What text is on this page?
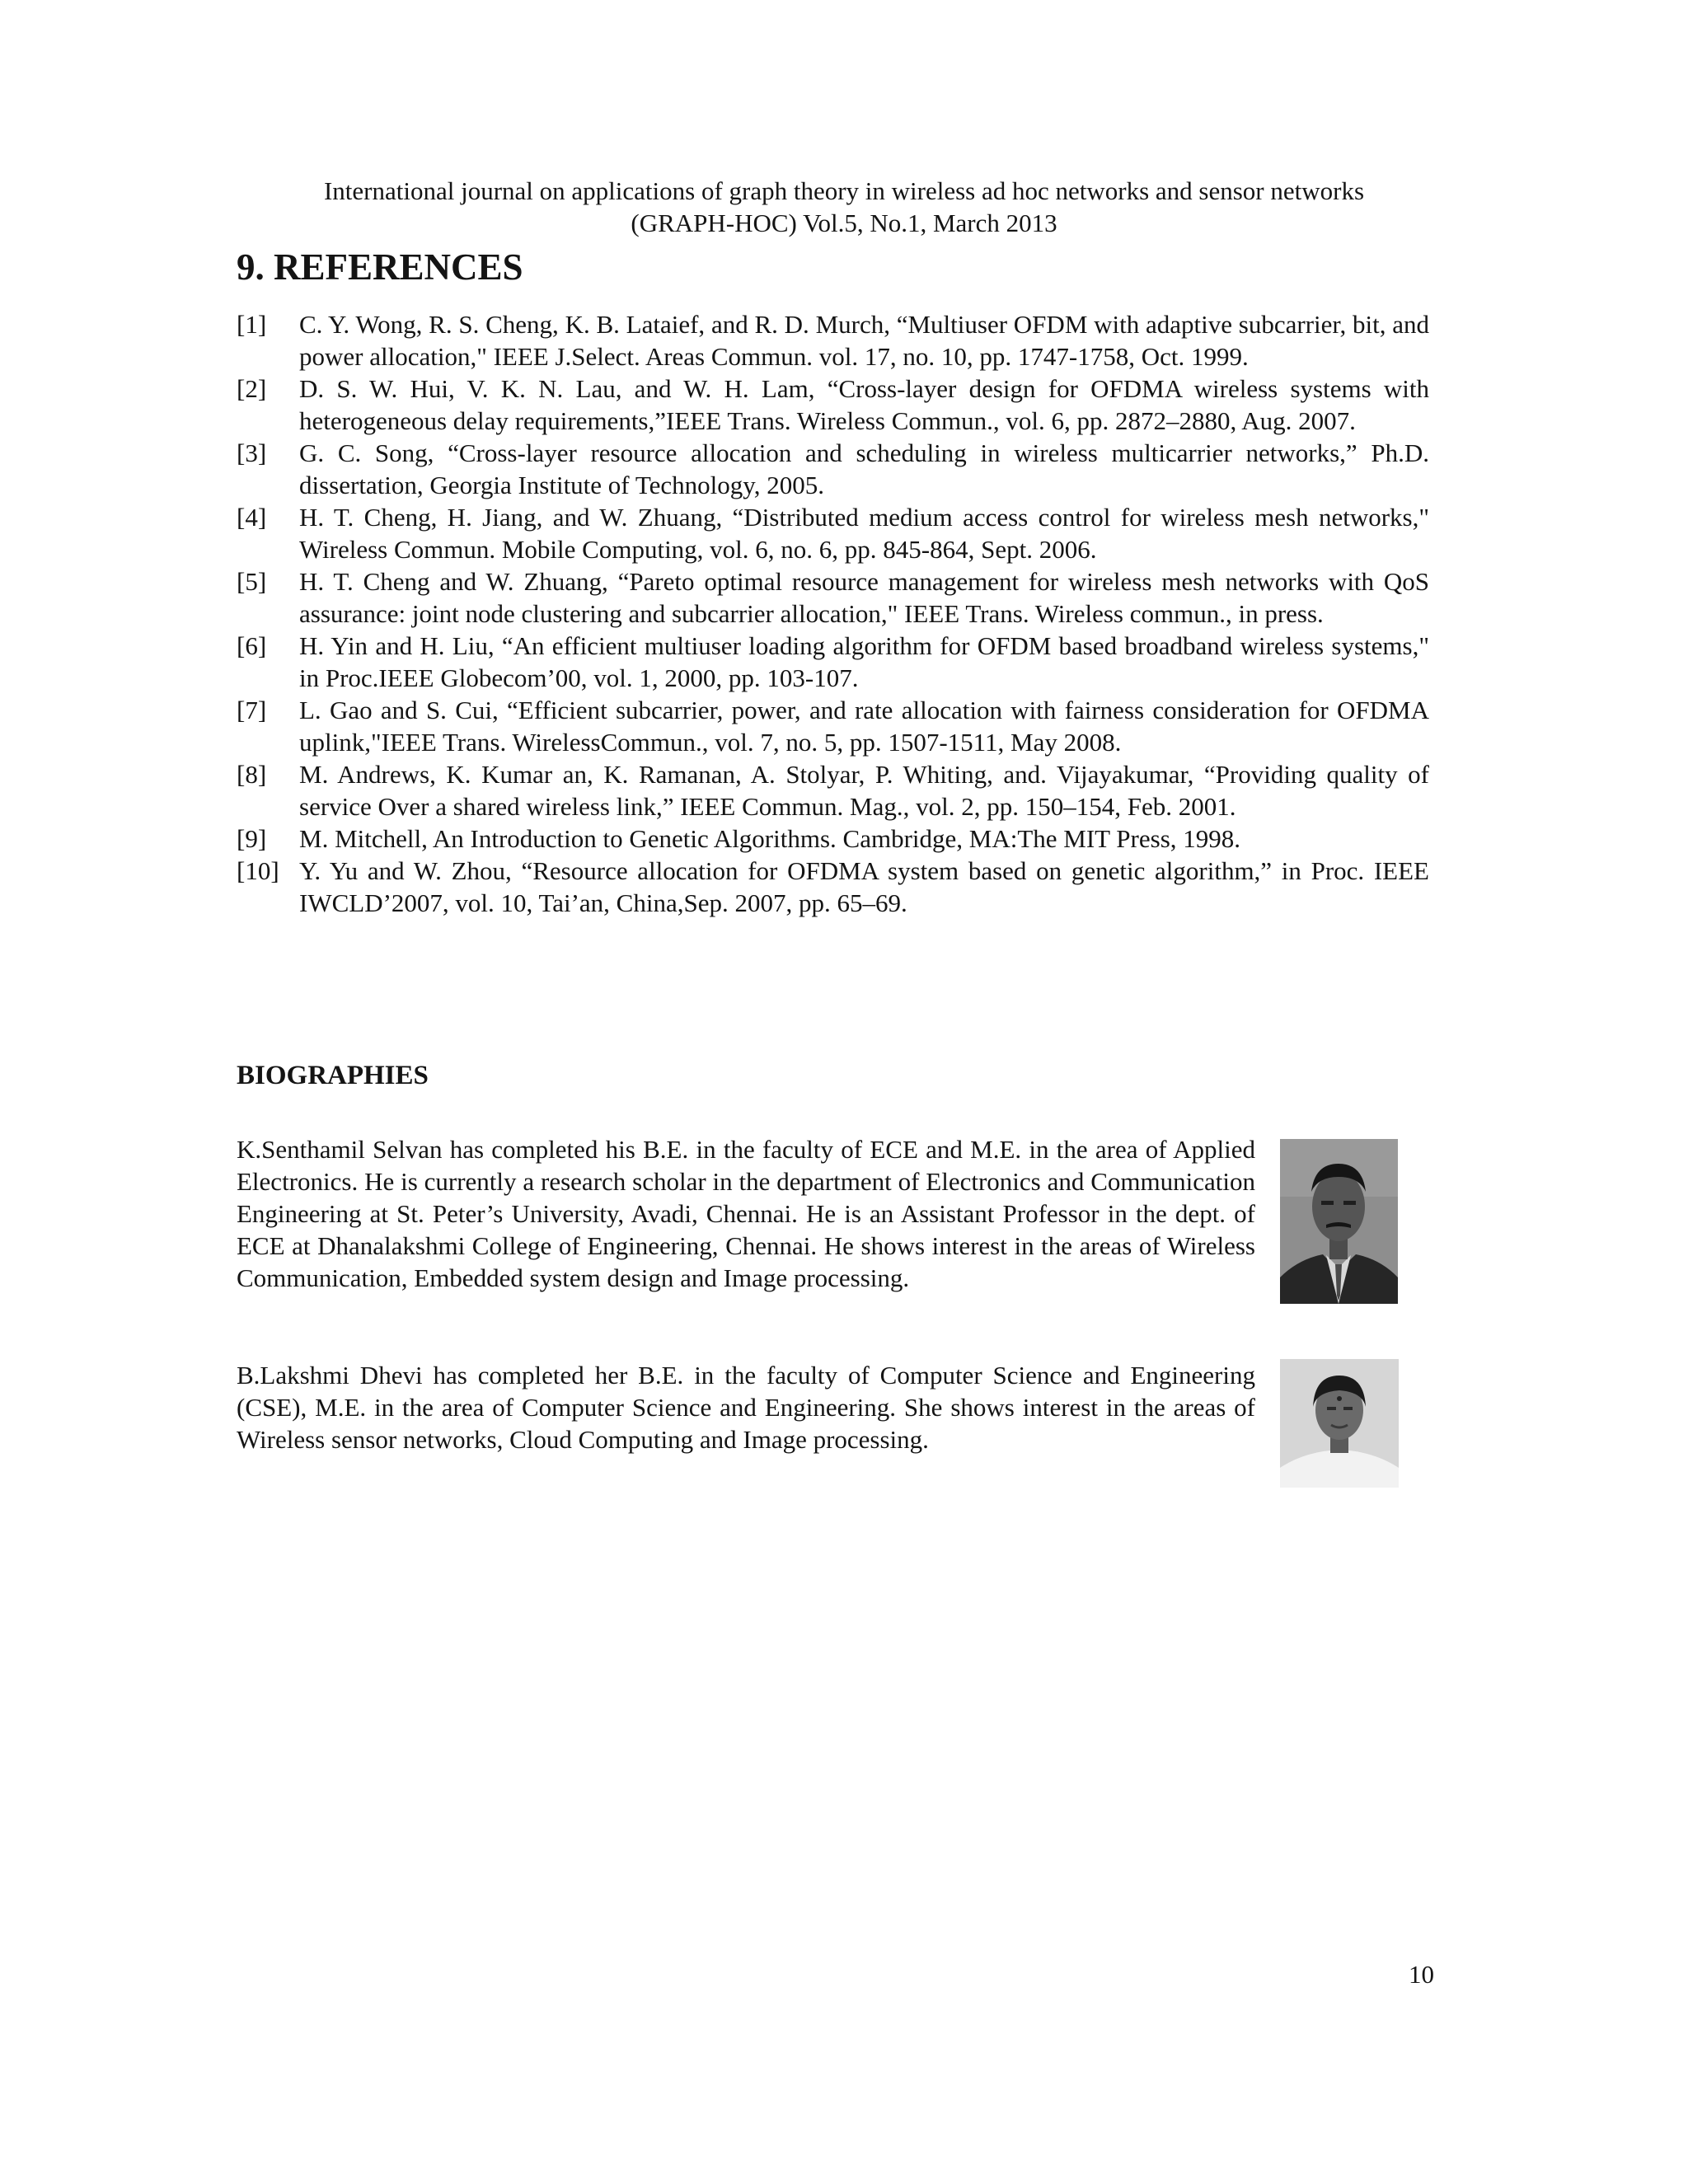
International journal on applications of graph theory in wireless ad hoc networks and sensor networks
(GRAPH-HOC) Vol.5, No.1, March 2013
9. REFERENCES
[1] C. Y. Wong, R. S. Cheng, K. B. Lataief, and R. D. Murch, “Multiuser OFDM with adaptive subcarrier, bit, and power allocation," IEEE J.Select. Areas Commun. vol. 17, no. 10, pp. 1747-1758, Oct. 1999.
[2] D. S. W. Hui, V. K. N. Lau, and W. H. Lam, “Cross-layer design for OFDMA wireless systems with heterogeneous delay requirements,”IEEE Trans. Wireless Commun., vol. 6, pp. 2872–2880, Aug. 2007.
[3] G. C. Song, “Cross-layer resource allocation and scheduling in wireless multicarrier networks,” Ph.D. dissertation, Georgia Institute of Technology, 2005.
[4] H. T. Cheng, H. Jiang, and W. Zhuang, “Distributed medium access control for wireless mesh networks," Wireless Commun. Mobile Computing, vol. 6, no. 6, pp. 845-864, Sept. 2006.
[5] H. T. Cheng and W. Zhuang, “Pareto optimal resource management for wireless mesh networks with QoS assurance: joint node clustering and subcarrier allocation," IEEE Trans. Wireless commun., in press.
[6] H. Yin and H. Liu, “An efficient multiuser loading algorithm for OFDM based broadband wireless systems," in Proc.IEEE Globecom’00, vol. 1, 2000, pp. 103-107.
[7] L. Gao and S. Cui, “Efficient subcarrier, power, and rate allocation with fairness consideration for OFDMA uplink,"IEEE Trans. WirelessCommun., vol. 7, no. 5, pp. 1507-1511, May 2008.
[8] M. Andrews, K. Kumar an, K. Ramanan, A. Stolyar, P. Whiting, and. Vijayakumar, “Providing quality of service Over a shared wireless link,” IEEE Commun. Mag., vol. 2, pp. 150–154, Feb. 2001.
[9] M. Mitchell, An Introduction to Genetic Algorithms. Cambridge, MA:The MIT Press, 1998.
[10] Y. Yu and W. Zhou, “Resource allocation for OFDMA system based on genetic algorithm,” in Proc. IEEE IWCLD’2007, vol. 10, Tai’an, China,Sep. 2007, pp. 65–69.
BIOGRAPHIES

K.Senthamil Selvan has completed his B.E. in the faculty of ECE and M.E. in the area of Applied Electronics. He is currently a research scholar in the department of Electronics and Communication Engineering at St. Peter’s University, Avadi, Chennai. He is an Assistant Professor in the dept. of ECE at Dhanalakshmi College of Engineering, Chennai. He shows interest in the areas of Wireless Communication, Embedded system design and Image processing.

B.Lakshmi Dhevi has completed her B.E. in the faculty of Computer Science and Engineering (CSE), M.E. in the area of Computer Science and Engineering. She shows interest in the areas of Wireless sensor networks, Cloud Computing and Image processing.

10
